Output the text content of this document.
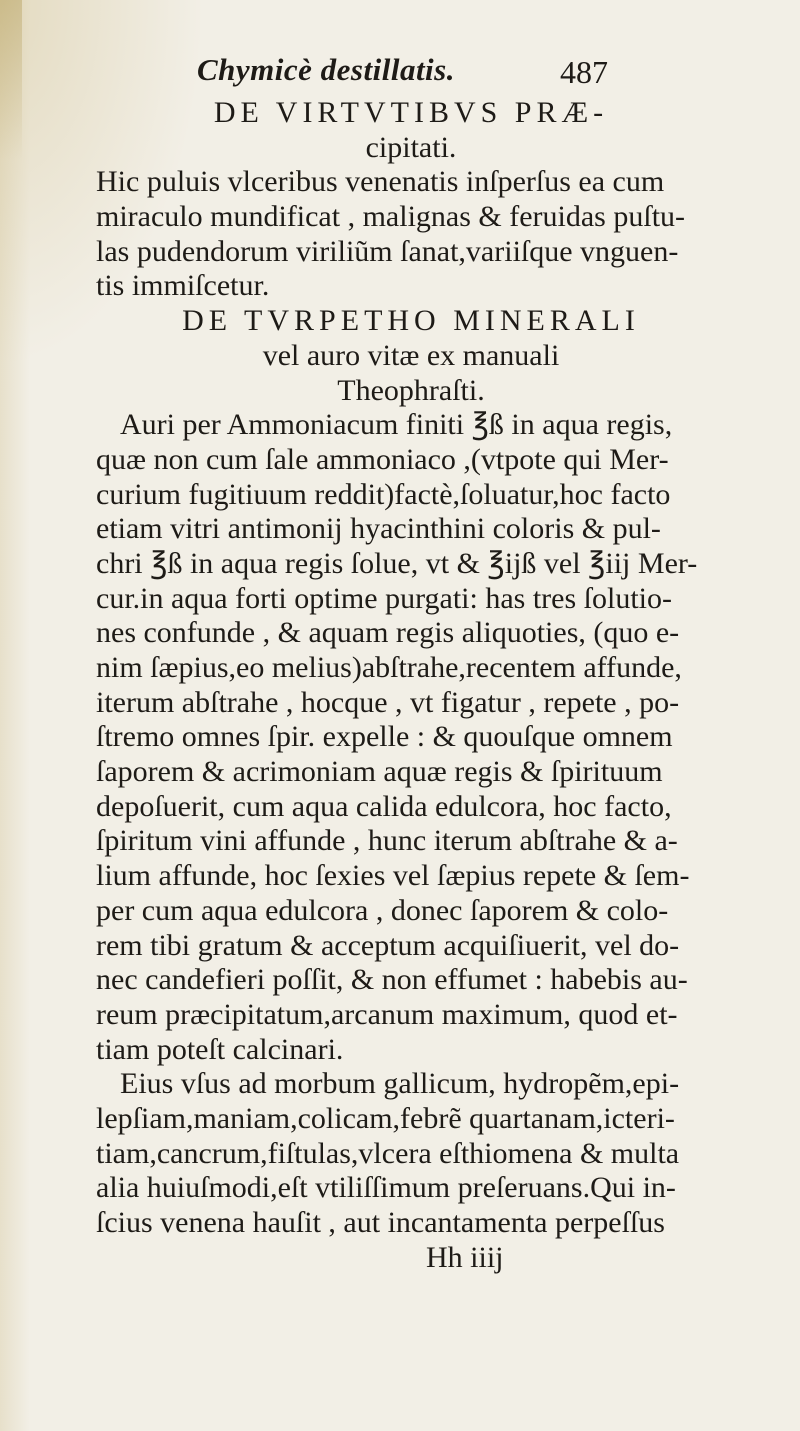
Chymicè destillatis.	487
DE VIRTVTIBVS PRÆ-
cipitati.
Hic puluis vlceribus venenatis inſperſus ea cum
miraculo mundificat , malignas & feruidas puſtu-
las pudendorum viriliũm ſanat,variiſque vnguen-
tis immiſcetur.
DE TVRPETHO MINERALI
vel auro vitæ ex manuali
Theophraſti.
Auri per Ammoniacum finiti ℥ß in aqua regis,
quæ non cum ſale ammoniaco ,(vtpote qui Mer-
curium fugitiuum reddit)factè,ſoluatur,hoc facto
etiam vitri antimonij hyacinthini coloris & pul-
chri ℥ß in aqua regis ſolue, vt & ℥ijß vel ℥iij Mer-
cur.in aqua forti optime purgati: has tres ſolutio-
nes confunde , & aquam regis aliquoties, (quo e-
nim ſæpius,eo melius)abſtrahe,recentem affunde,
iterum abſtrahe , hocque , vt figatur , repete , po-
ſtremo omnes ſpir. expelle : & quouſque omnem
ſaporem & acrimoniam aquæ regis & ſpirituum
depoſuerit, cum aqua calida edulcora, hoc facto,
ſpiritum vini affunde , hunc iterum abſtrahe & a-
lium affunde, hoc ſexies vel ſæpius repete & ſem-
per cum aqua edulcora , donec ſaporem & colo-
rem tibi gratum & acceptum acquiſiuerit, vel do-
nec candefieri poſſit, & non effumet : habebis au-
reum præcipitatum,arcanum maximum, quod et-
tiam poteſt calcinari.
Eius vſus ad morbum gallicum, hydropẽm,epi-
lepſiam,maniam,colicam,febrẽ quartanam,icteri-
tiam,cancrum,fiſtulas,vlcera eſthiomena & multa
alia huiuſmodi,eſt vtiliſſimum preſeruans.Qui in-
ſcius venena hauſit , aut incantamenta perpeſſus
Hh iiij
